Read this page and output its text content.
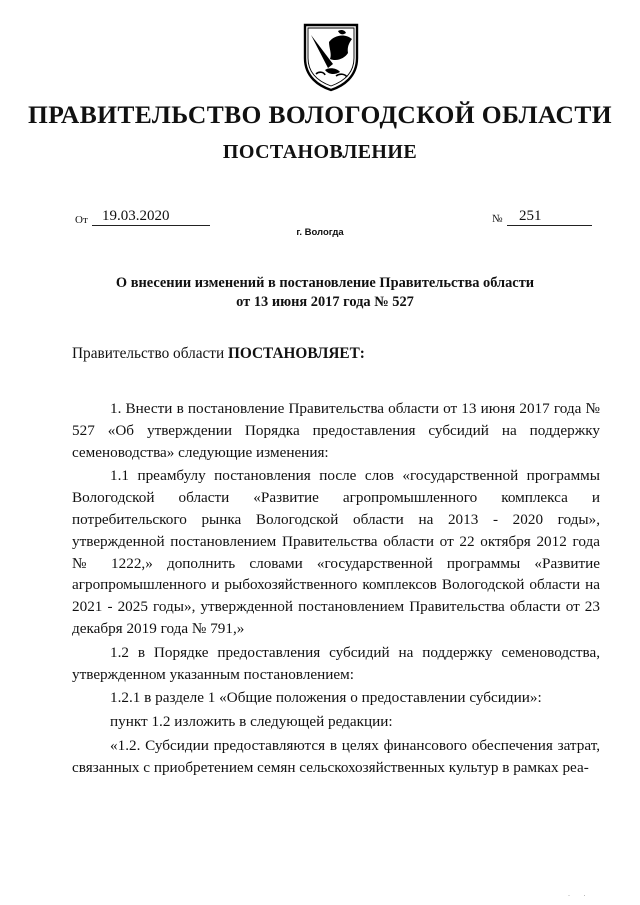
ПРАВИТЕЛЬСТВО ВОЛОГОДСКОЙ ОБЛАСТИ
ПОСТАНОВЛЕНИЕ
От 19.03.2020	№	251
г. Вологда
О внесении изменений в постановление Правительства области
от 13 июня 2017 года № 527
Правительство области ПОСТАНОВЛЯЕТ:

1. Внести в постановление Правительства области от 13 июня 2017 года № 527 «Об утверждении Порядка предоставления субсидий на поддержку семеноводства» следующие изменения:

1.1 преамбулу постановления после слов «государственной программы Вологодской области «Развитие агропромышленного комплекса и потребительского рынка Вологодской области на 2013 - 2020 годы», утвержденной постановлением Правительства области от 22 октября 2012 года № 1222,» дополнить словами «государственной программы «Развитие агропромышленного и рыбохозяйственного комплексов Вологодской области на 2021 - 2025 годы», утвержденной постановлением Правительства области от 23 декабря 2019 года № 791,»

1.2 в Порядке предоставления субсидий на поддержку семеноводства, утвержденном указанным постановлением:

1.2.1 в разделе 1 «Общие положения о предоставлении субсидии»:

пункт 1.2 изложить в следующей редакции:

«1.2. Субсидии предоставляются в целях финансового обеспечения затрат, связанных с приобретением семян сельскохозяйственных культур в рамках реа-

· ·
